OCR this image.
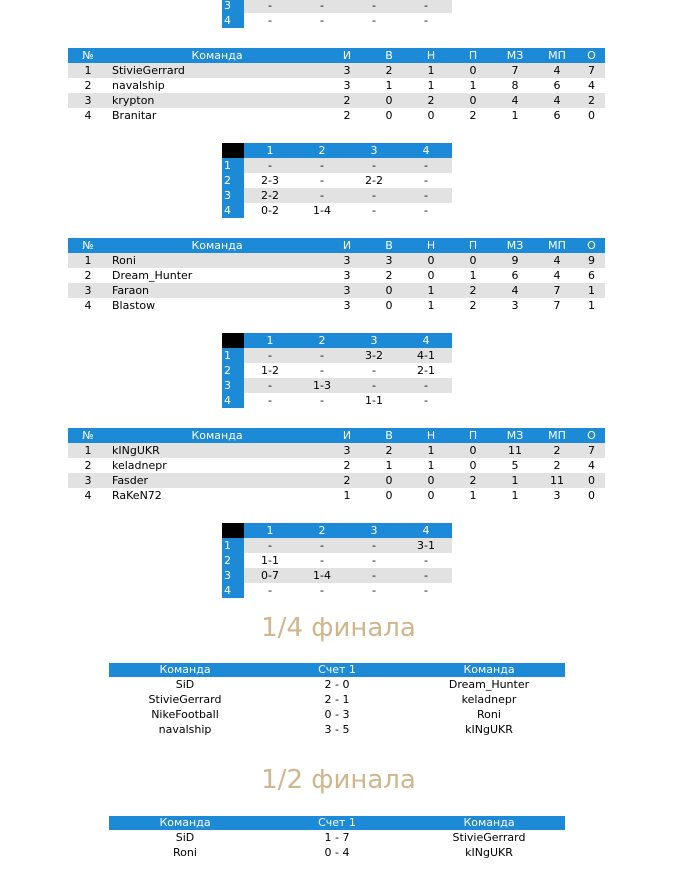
3	-	-	-	-
4	-	-	-	-
№	Команда	И	В	Н	П	МЗ	МП	О
1	StivieGerrard	3	2	1	0	7	4	7
2	navalship	3	1	1	1	8	6	4
3	krypton	2	0	2	0	4	4	2
4	Branitar	2	0	0	2	1	6	0
	1	2	3	4
1	-	-	-	-
2	2-3	-	2-2	-
3	2-2	-	-	-
4	0-2	1-4	-	-
№	Команда	И	В	Н	П	МЗ	МП	О
1	Roni	3	3	0	0	9	4	9
2	Dream_Hunter	3	2	0	1	6	4	6
3	Faraon	3	0	1	2	4	7	1
4	Blastow	3	0	1	2	3	7	1
	1	2	3	4
1	-	-	3-2	4-1
2	1-2	-	-	2-1
3	-	1-3	-	-
4	-	-	1-1	-
№	Команда	И	В	Н	П	МЗ	МП	О
1	kINgUKR	3	2	1	0	11	2	7
2	keladnepr	2	1	1	0	5	2	4
3	Fasder	2	0	0	2	1	11	0
4	RaKeN72	1	0	0	1	1	3	0
	1	2	3	4
1	-	-	-	3-1
2	1-1	-	-	-
3	0-7	1-4	-	-
4	-	-	-	-
1/4 финала
Команда	Счет 1	Команда
SiD	2 - 0	Dream_Hunter
StivieGerrard	2 - 1	keladnepr
NikeFootball	0 - 3	Roni
navalship	3 - 5	kINgUKR
1/2 финала
Команда	Счет 1	Команда
SiD	1 - 7	StivieGerrard
Roni	0 - 4	kINgUKR
